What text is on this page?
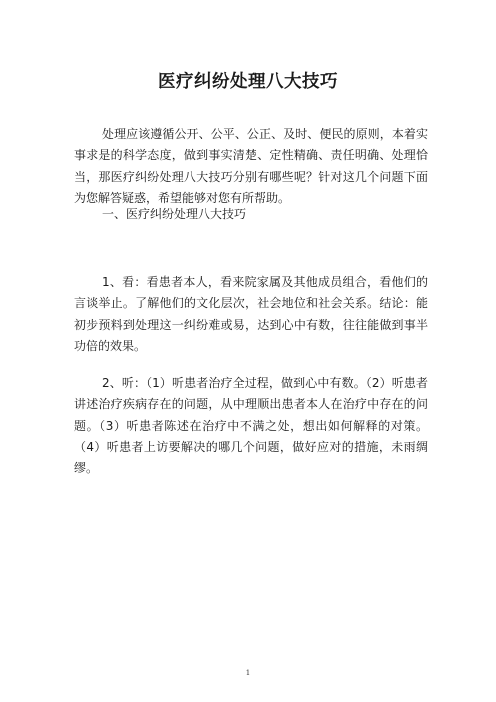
医疗纠纷处理八大技巧

处理应该遵循公开、公平、公正、及时、便民的原则，本着实事求是的科学态度，做到事实清楚、定性精确、责任明确、处理恰当，那医疗纠纷处理八大技巧分别有哪些呢？针对这几个问题下面为您解答疑惑，希望能够对您有所帮助。

一、医疗纠纷处理八大技巧

1、看：看患者本人，看来院家属及其他成员组合，看他们的言谈举止。了解他们的文化层次，社会地位和社会关系。结论：能初步预料到处理这一纠纷难或易，达到心中有数，往往能做到事半功倍的效果。

2、听：（1）听患者治疗全过程，做到心中有数。（2）听患者讲述治疗疾病存在的问题，从中理顺出患者本人在治疗中存在的问题。（3）听患者陈述在治疗中不满之处，想出如何解释的对策。（4）听患者上访要解决的哪几个问题，做好应对的措施，未雨绸缪。

1
